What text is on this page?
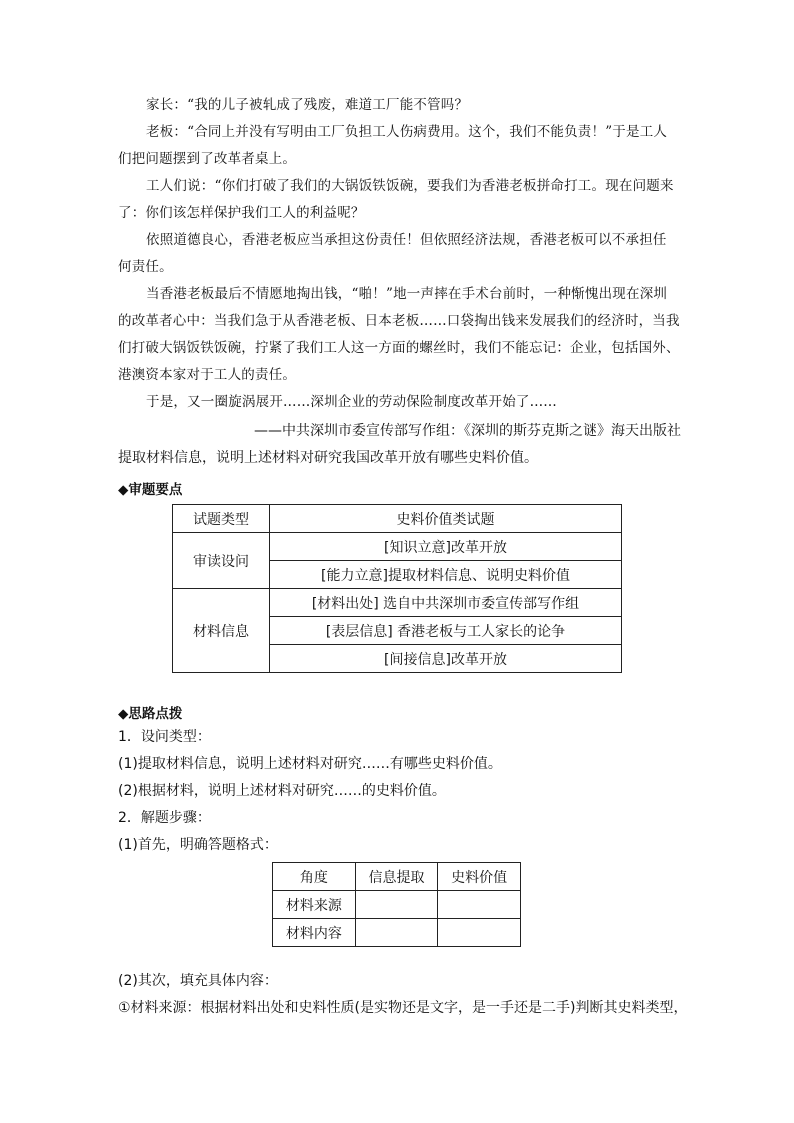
家长：“我的儿子被轧成了残废，难道工厂能不管吗？

老板：“合同上并没有写明由工厂负担工人伤病费用。这个，我们不能负责！”于是工人们把问题摆到了改革者桌上。

工人们说：“你们打破了我们的大锅饭铁饭碗，要我们为香港老板拼命打工。现在问题来了：你们该怎样保护我们工人的利益呢？

依照道德良心，香港老板应当承担这份责任！但依照经济法规，香港老板可以不承担任何责任。

当香港老板最后不情愿地掏出钱，“啪！”地一声摔在手术台前时，一种惭愧出现在深圳的改革者心中：当我们急于从香港老板、日本老板……口袋掏出钱来发展我们的经济时，当我们打破大锅饭铁饭碗，拧紧了我们工人这一方面的螺丝时，我们不能忘记：企业，包括国外、港澳资本家对于工人的责任。

于是，又一圈旋涡展开……深圳企业的劳动保险制度改革开始了……

——中共深圳市委宣传部写作组：《深圳的斯芬克斯之谜》海天出版社

提取材料信息，说明上述材料对研究我国改革开放有哪些史料价值。

◆审题要点
试题类型	史料价值类试题
审读设问	[知识立意]改革开放
	[能力立意]提取材料信息、说明史料价值
材料信息	[材料出处] 选自中共深圳市委宣传部写作组
	[表层信息] 香港老板与工人家长的论争
	[间接信息]改革开放
◆思路点拨

1．设问类型：

(1)提取材料信息，说明上述材料对研究……有哪些史料价值。

(2)根据材料，说明上述材料对研究……的史料价值。

2．解题步骤：

(1)首先，明确答题格式：

角度	信息提取	史料价值
材料来源		
材料内容		

(2)其次，填充具体内容：

①材料来源：根据材料出处和史料性质(是实物还是文字，是一手还是二手)判断其史料类型，
